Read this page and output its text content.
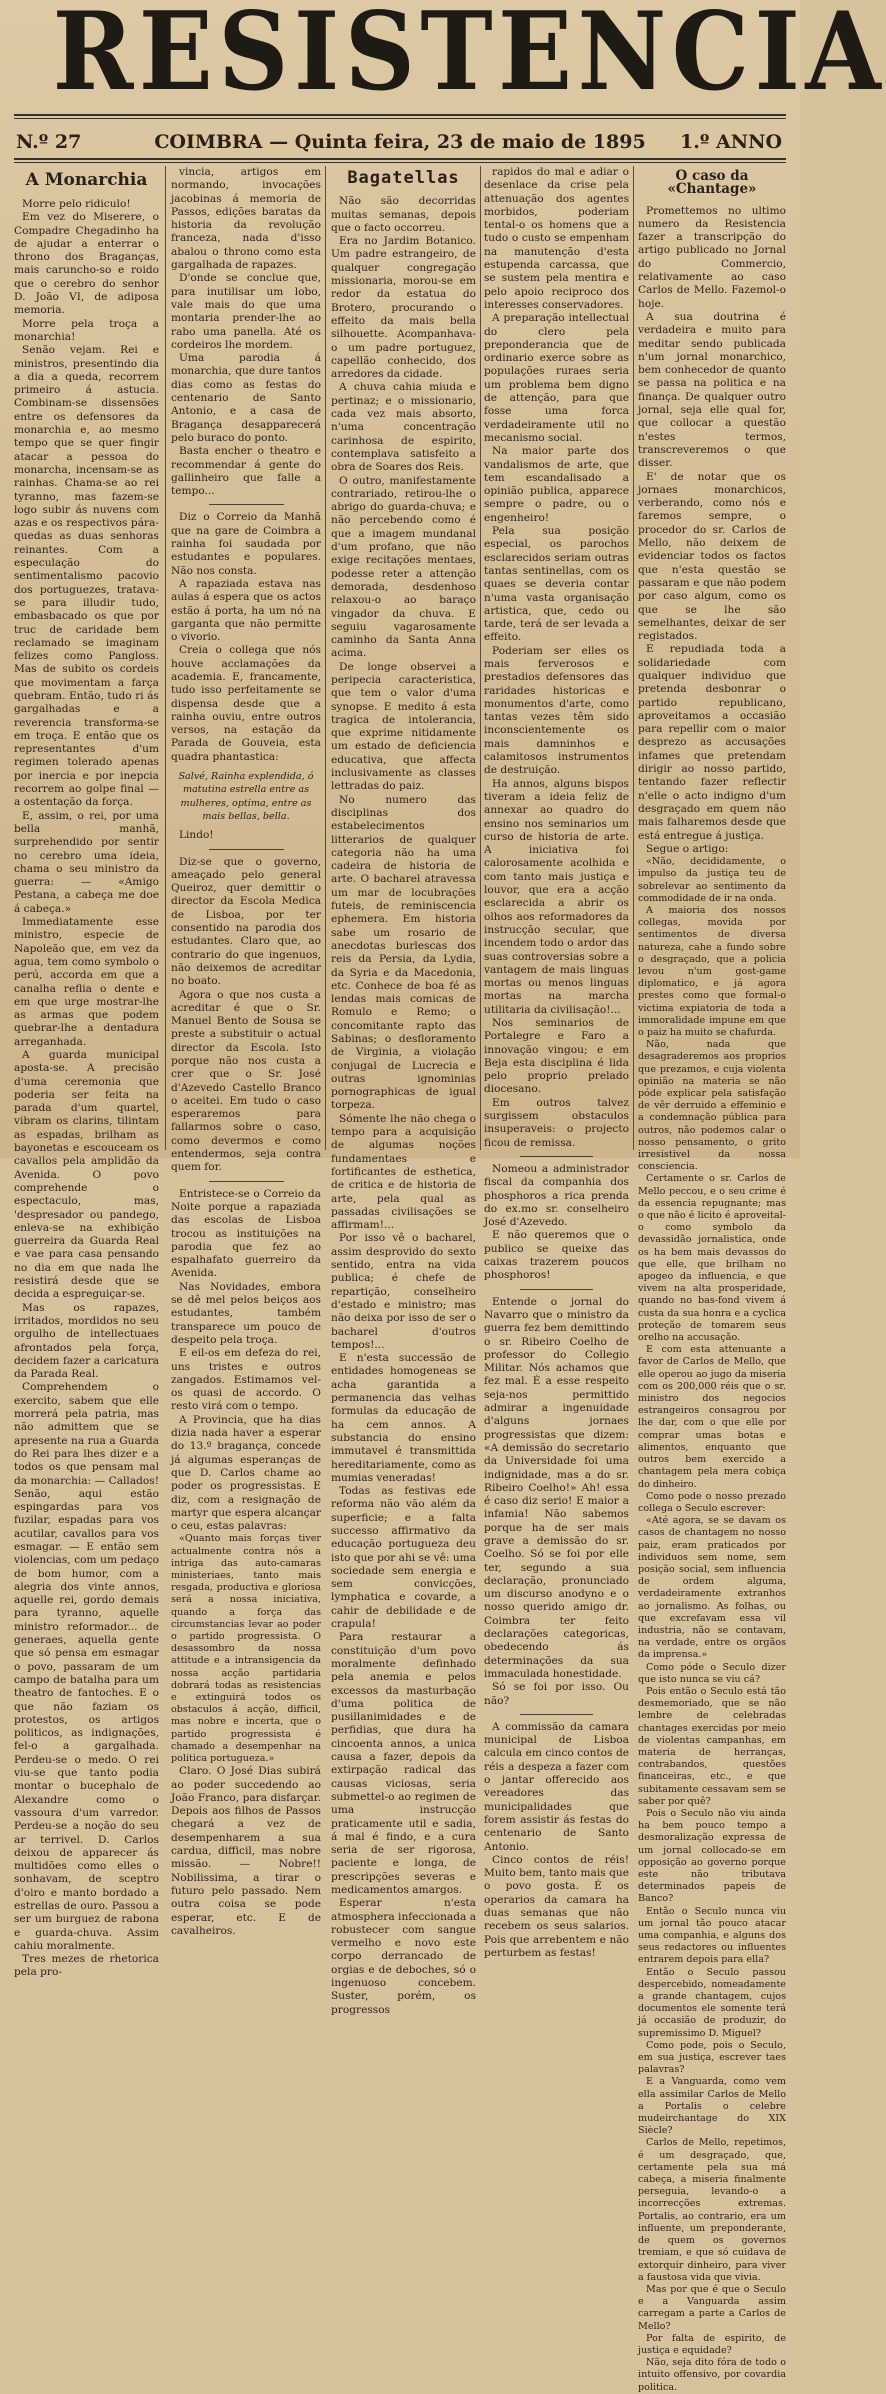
RESISTENCIA
N.º 27	COIMBRA — Quinta feira, 23 de maio de 1895	1.º ANNO
A Monarchia

Morre pelo ridiculo!

Em vez do Miserere, o Compadre Chegadinho ha de ajudar a enterrar o throno dos Braganças, mais caruncho-so e roido que o cerebro do senhor D. João VI, de adiposa memoria.

Morre pela troça a monarchia!

Senão vejam. Rei e ministros, presentindo dia a dia a queda, recorrem primeiro á astucia. Combinam-se dissensões entre os defensores da monarchia e, ao mesmo tempo que se quer fingir atacar a pessoa do monarcha, incensam-se as rainhas. Chama-se ao rei tyranno, mas fazem-se logo subir ás nuvens com azas e os respectivos pára-quedas as duas senhoras reinantes. Com a especulação do sentimentalismo pacovio dos portuguezes, tratava-se para illudir tudo, embasbacado os que por truc de caridade bem reclamado se imaginam felizes como Pangloss. Mas de subito os cordeis que movimentam a farça quebram. Então, tudo ri ás gargalhadas e a reverencia transforma-se em troça. E então que os representantes d'um regimen tolerado apenas por inercia e por inepcia recorrem ao golpe final — a ostentação da força.

E, assim, o rei, por uma bella manhã, surprehendido por sentir no cerebro uma ideia, chama o seu ministro da guerra: — «Amigo Pestana, a cabeça me doe á cabeça.»

Immediatamente esse ministro, especie de Napoleão que, em vez da agua, tem como symbolo o perú, accorda em que a canalha reflia o dente e em que urge mostrar-lhe as armas que podem quebrar-lhe a dentadura arreganhada.

A guarda municipal aposta-se. A precisão d'uma ceremonia que poderia ser feita na parada d'um quartel, vibram os clarins, tilintam as espadas, brilham as bayonetas e escouceam os cavallos pela amplidão da Avenida. O povo comprehende o espectaculo, mas, 'despresador ou pandego, enleva-se na exhibição guerreira da Guarda Real e vae para casa pensando no dia em que nada lhe resistirá desde que se decida a espreguiçar-se.

Mas os rapazes, irritados, mordidos no seu orgulho de intellectuaes afrontados pela força, decidem fazer a caricatura da Parada Real.

Comprehendem o exercito, sabem que elle morrerá pela patria, mas não admittem que se apresente na rua a Guarda do Rei para lhes dizer e a todos os que pensam mal da monarchia: — Callados! Senão, aqui estão espingardas para vos fuzilar, espadas para vos acutilar, cavallos para vos esmagar. — E então sem violencias, com um pedaço de bom humor, com a alegria dos vinte annos, aquelle rei, gordo demais para tyranno, aquelle ministro reformador... de generaes, aquella gente que só pensa em esmagar o povo, passaram de um campo de batalha para um theatro de fantoches. E o que não faziam os protestos, os artigos politicos, as indignações, fel-o a gargalhada. Perdeu-se o medo. O rei viu-se que tanto podia montar o bucephalo de Alexandre como o vassoura d'um varredor. Perdeu-se a noção do seu ar terrivel. D. Carlos deixou de apparecer ás multidões como elles o sonhavam, de sceptro d'oiro e manto bordado a estrellas de ouro. Passou a ser um burguez de rabona e guarda-chuva. Assim cahiu moralmente.

Tres mezes de rhetorica pela pro-

vincia, artigos em normando, invocações jacobinas á memoria de Passos, edições baratas da historia da revolução franceza, nada d'isso abalou o throno como esta gargalhada de rapazes.

D'onde se conclue que, para inutilisar um lobo, vale mais do que uma montaria prender-lhe ao rabo uma panella. Até os cordeiros lhe mordem.

Uma parodia á monarchia, que dure tantos dias como as festas do centenario de Santo Antonio, e a casa de Bragança desapparecerá pelo buraco do ponto.

Basta encher o theatro e recommendar á gente do gallinheiro que falle a tempo...

Diz o Correio da Manhã que na gare de Coimbra a rainha foi saudada por estudantes e populares. Não nos consta.

A rapaziada estava nas aulas á espera que os actos estão á porta, ha um nó na garganta que não permitte o vivorio.

Creia o collega que nós houve acclamações da academia. E, francamente, tudo isso perfeitamente se dispensa desde que a rainha ouviu, entre outros versos, na estação da Parada de Gouveia, esta quadra phantastica:

Salvé, Rainha explendida, ó matutina estrella entre as mulheres, optima, entre as mais bellas, bella.

Lindo!

Diz-se que o governo, ameaçado pelo general Queiroz, quer demittir o director da Escola Medica de Lisboa, por ter consentido na parodia dos estudantes. Claro que, ao contrario do que ingenuos, não deixemos de acreditar no boato.

Agora o que nos custa a acreditar é que o Sr. Manuel Bento de Sousa se preste a substituir o actual director da Escola. Isto porque não nos custa a crer que o Sr. José d'Azevedo Castello Branco o aceitei. Em tudo o caso esperaremos para fallarmos sobre o caso, como devermos e como entendermos, seja contra quem for.

Entristece-se o Correio da Noite porque a rapaziada das escolas de Lisboa trocou as instituições na parodia que fez ao espalhafato guerreiro da Avenida.

Nas Novidades, embora se dê mel pelos beiços aos estudantes, também transparece um pouco de despeito pela troça.

E eil-os em defeza do rei, uns tristes e outros zangados. Estimamos vel-os quasi de accordo. O resto virá com o tempo.

A Provincia, que ha dias dizia nada haver a esperar do 13.º bragança, concede já algumas esperanças de que D. Carlos chame ao poder os progressistas. E diz, com a resignação de martyr que espera alcançar o ceu, estas palavras:

«Quanto mais forças tiver actualmente contra nós a intriga das auto-camaras ministeriaes, tanto mais resgada, productiva e gloriosa será a nossa iniciativa, quando a força das circumstancias levar ao poder o partido progressista. O desassombro da nossa attitude e a intransigencia da nossa acção partidaria dobrará todas as resistencias e extinguirá todos os obstaculos á acção, difficil, mas nobre e incerta, que o partido progressista é chamado a desempenhar na politica portugueza.»

Claro. O José Dias subirá ao poder succedendo ao João Franco, para disfarçar. Depois aos filhos de Passos chegará a vez de desempenharem a sua cardua, difficil, mas nobre missão. — Nobre!! Nobilissima, a tirar o futuro pelo passado. Nem outra coisa se pode esperar, etc. E de cavalheiros.

Bagatellas

Não são decorridas muitas semanas, depois que o facto occorreu.

Era no Jardim Botanico. Um padre estrangeiro, de qualquer congregação missionaria, morou-se em redor da estatua do Brotero, procurando o effeito da mais bella silhouette. Acompanhava-o um padre portuguez, capellão conhecido, dos arredores da cidade.

A chuva cahia miuda e pertinaz; e o missionario, cada vez mais absorto, n'uma concentração carinhosa de espirito, contemplava satisfeito a obra de Soares dos Reis.

O outro, manifestamente contrariado, retirou-lhe o abrigo do guarda-chuva; e não percebendo como é que a imagem mundanal d'um profano, que não exige recitações mentaes, podesse reter a attenção demorada, desdenhoso relaxou-o ao baraço vingador da chuva. E seguiu vagarosamente caminho da Santa Anna acima.

De longe observei a peripecia caracteristica, que tem o valor d'uma synopse. E medito á esta tragica de intolerancia, que exprime nitidamente um estado de deficiencia educativa, que affecta inclusivamente as classes lettradas do paiz.

No numero das disciplinas dos estabelecimentos litterarios de qualquer categoria não ha uma cadeira de historia de arte. O bacharel atravessa um mar de locubrações futeis, de reminiscencia ephemera. Em historia sabe um rosario de anecdotas burlescas dos reis da Persia, da Lydia, da Syria e da Macedonia, etc. Conhece de boa fé as lendas mais comicas de Romulo e Remo; o concomitante rapto das Sabinas; o desfloramento de Virginia, a violação conjugal de Lucrecia e outras ignominias pornographicas de igual torpeza.

Sómente lhe não chega o tempo para a acquisição de algumas noções fundamentaes e fortificantes de esthetica, de critica e de historia de arte, pela qual as passadas civilisações se affirmam!...

Por isso vê o bacharel, assim desprovido do sexto sentido, entra na vida publica; é chefe de repartição, conselheiro d'estado e ministro; mas não deixa por isso de ser o bacharel d'outros tempos!...

E n'esta successão de entidades homogeneas se acha garantida a permanencia das velhas formulas da educação de ha cem annos. A substancia do ensino immutavel é transmittida hereditariamente, como as mumias veneradas!

Todas as festivas ede reforma não vão além da superficie; e a falta successo affirmativo da educação portugueza deu isto que por ahi se vê: uma sociedade sem energia e sem convicções, lymphatica e covarde, a cahir de debilidade e de crapula!

Para restaurar a constituição d'um povo moralmente definhado pela anemia e pelos excessos da masturbação d'uma politica de pusillanimidades e de perfidias, que dura ha cincoenta annos, a unica causa a fazer, depois da extirpação radical das causas viciosas, seria submettel-o ao regimen de uma instrucção praticamente util e sadia, á mal é findo, e a cura seria de ser rigorosa, paciente e longa, de prescripções severas e medicamentos amargos.

Esperar n'esta atmosphera infeccionada a robustecer com sangue vermelho e novo este corpo derrancado de orgias e de deboches, só o ingenuoso concebem. Suster, porém, os progressos

rapidos do mal e adiar o desenlace da crise pela attenuação dos agentes morbidos, poderiam tental-o os homens que a tudo o custo se empenham na manutenção d'esta estupenda carcassa, que se sustem pela mentira e pelo apoio reciproco dos interesses conservadores.

A preparação intellectual do clero pela preponderancia que de ordinario exerce sobre as populações ruraes seria um problema bem digno de attenção, para que fosse uma forca verdadeiramente util no mecanismo social.

Na maior parte dos vandalismos de arte, que tem escandalisado a opinião publica, apparece sempre o padre, ou o engenheiro!

Pela sua posição especial, os parochos esclarecidos seriam outras tantas sentinellas, com os quaes se deveria contar n'uma vasta organisação artistica, que, cedo ou tarde, terá de ser levada a effeito.

Poderiam ser elles os mais ferverosos e prestadios defensores das raridades historicas e monumentos d'arte, como tantas vezes têm sido inconscientemente os mais damninhos e calamitosos instrumentos de destruição.

Ha annos, alguns bispos tiveram a ideia feliz de annexar ao quadro do ensino nos seminarios um curso de historia de arte. A iniciativa foi calorosamente acolhida e com tanto mais justiça e louvor, que era a acção esclarecida a abrir os olhos aos reformadores da instrucção secular, que incendem todo o ardor das suas controversias sobre a vantagem de mais linguas mortas ou menos linguas mortas na marcha utilitaria da civilisação!...

Nos seminarios de Portalegre e Faro a innovação vingou; e em Beja esta disciplina é lida pelo proprio prelado diocesano.

Em outros talvez surgissem obstaculos insuperaveis: o projecto ficou de remissa.

Nomeou a administrador fiscal da companhia dos phosphoros a rica prenda do ex.mo sr. conselheiro José d'Azevedo.

E não queremos que o publico se queixe das caixas trazerem poucos phosphoros!

Entende o jornal do Navarro que o ministro da guerra fez bem demittindo o sr. Ribeiro Coelho de professor do Collegio Militar. Nós achamos que fez mal. É a esse respeito seja-nos permittido admirar a ingenuidade d'alguns jornaes progressistas que dizem: «A demissão do secretario da Universidade foi uma indignidade, mas a do sr. Ribeiro Coelho!» Ah! essa é caso diz serio! E maior a infamia! Não sabemos porque ha de ser mais grave a demissão do sr. Coelho. Só se foi por elle ter, segundo a sua declaração, pronunciado um discurso anodyno e o nosso querido amigo dr. Coimbra ter feito declarações categoricas, obedecendo ás determinações da sua immaculada honestidade.

Só se foi por isso. Ou não?

A commissão da camara municipal de Lisboa calcula em cinco contos de réis a despeza a fazer com o jantar offerecido aos vereadores das municipalidades que forem assistir ás festas do centenario de Santo Antonio.

Cinco contos de réis! Muito bem, tanto mais que o povo gosta. É os operarios da camara ha duas semanas que não recebem os seus salarios. Pois que arrebentem e não perturbem as festas!

O caso da «Chantage»

Promettemos no ultimo numero da Resistencia fazer a transcripção do artigo publicado no Jornal do Commercio, relativamente ao caso Carlos de Mello. Fazemol-o hoje.

A sua doutrina é verdadeira e muito para meditar sendo publicada n'um jornal monarchico, bem conhecedor de quanto se passa na politica e na finança. De qualquer outro jornal, seja elle qual for, que collocar a questão n'estes termos, transcreveremos o que disser.

E' de notar que os jornaes monarchicos, verberando, como nós e faremos sempre, o procedor do sr. Carlos de Mello, não deixem de evidenciar todos os factos que n'esta questão se passaram e que não podem por caso algum, como os que se lhe são semelhantes, deixar de ser registados.

E repudiada toda a solidariedade com qualquer individuo que pretenda desbonrar o partido republicano, aproveitamos a occasião para repellir com o maior desprezo as accusações infames que pretendam dirigir ao nosso partido, tentando fazer reflectir n'elle o acto indigno d'um desgraçado em quem não mais falharemos desde que está entregue á justiça.

Segue o artigo:

«Não, decididamente, o impulso da justiça teu de sobrelevar ao sentimento da commodidade de ir na onda.

A maioria dos nossos collegas, movida por sentimentos de diversa natureza, cahe a fundo sobre o desgraçado, que a policia levou n'um gost-game diplomatico, e já agora prestes como que formal-o victima expiatoria de toda a immoralidade impune em que o paiz ha muito se chafurda.

Não, nada que desagraderemos aos proprios que prezamos, e cuja violenta opinião na materia se não póde explicar pela satisfação de vêr derruido a effeminio e a condemnação pública para outros, não podemos calar o nosso pensamento, o grito irresistivel da nossa consciencia.

Certamente o sr. Carlos de Mello peccou, e o seu crime é da essencia repugnante; mas o que não é licito é aproveital-o como symbolo da devassidão jornalistica, onde os ha bem mais devassos do que elle, que brilham no apogeo da influencia, e que vivem na alta prosperidade, quando no bas-fond vivem á custa da sua honra e a cyclica proteção de tomarem seus orelho na accusação.

E com esta attenuante a favor de Carlos de Mello, que elle operou ao jugo da miseria com os 200,000 réis que o sr. ministro dos negocios estrangeiros consagrou por lhe dar, com o que elle por comprar umas botas e alimentos, enquanto que outros bem exercido a chantagem pela mera cobiça do dinheiro.

Como pode o nosso prezado collega o Seculo escrever:

«Até agora, se se davam os casos de chantagem no nosso paiz, eram praticados por individuos sem nome, sem posição social, sem influencia de ordem alguma, verdadeiramente extranhos ao jornalismo. As folhas, ou que excrefavam essa vil industria, não se contavam, na verdade, entre os orgãos da imprensa.»

Como póde o Seculo dizer que isto nunca se viu cá?

Pois então o Seculo está tão desmemoriado, que se não lembre de celebradas chantages exercidas por meio de violentas campanhas, em materia de herranças, contrabandos, questões financeiras, etc., e que subitamente cessavam sem se saber por quê?

Pois o Seculo não viu ainda ha bem pouco tempo a desmoralização expressa de um jornal collocado-se em opposição ao governo porque este não tributava determinados papeis de Banco?

Então o Seculo nunca viu um jornal tão pouco atacar uma companhia, e alguns dos seus redactores ou influentes entrarem depois para ella?

Então o Seculo passou despercebido, nomeadamente a grande chantagem, cujos documentos ele somente terá já occasião de produzir, do supremissimo D. Miguel?

Como pode, pois o Seculo, em sua justiça, escrever taes palavras?

E a Vanguarda, como vem ella assimilar Carlos de Mello a Portalis o celebre mudeirchantage do XIX Siècle?

Carlos de Mello, repetimos, é um desgraçado, que, certamente pela sua má cabeça, a miseria finalmente perseguia, levando-o a incorrecções extremas. Portalis, ao contrario, era um influente, um preponderante, de quem os governos tremiam, e que só cuidava de extorquir dinheiro, para viver a faustosa vida que vivia.

Mas por que é que o Seculo e a Vanguarda assim carregam a parte a Carlos de Mello?

Por falta de espirito, de justiça e equidade?

Não, seja dito fóra de todo o intuito offensivo, por covardia politica.
